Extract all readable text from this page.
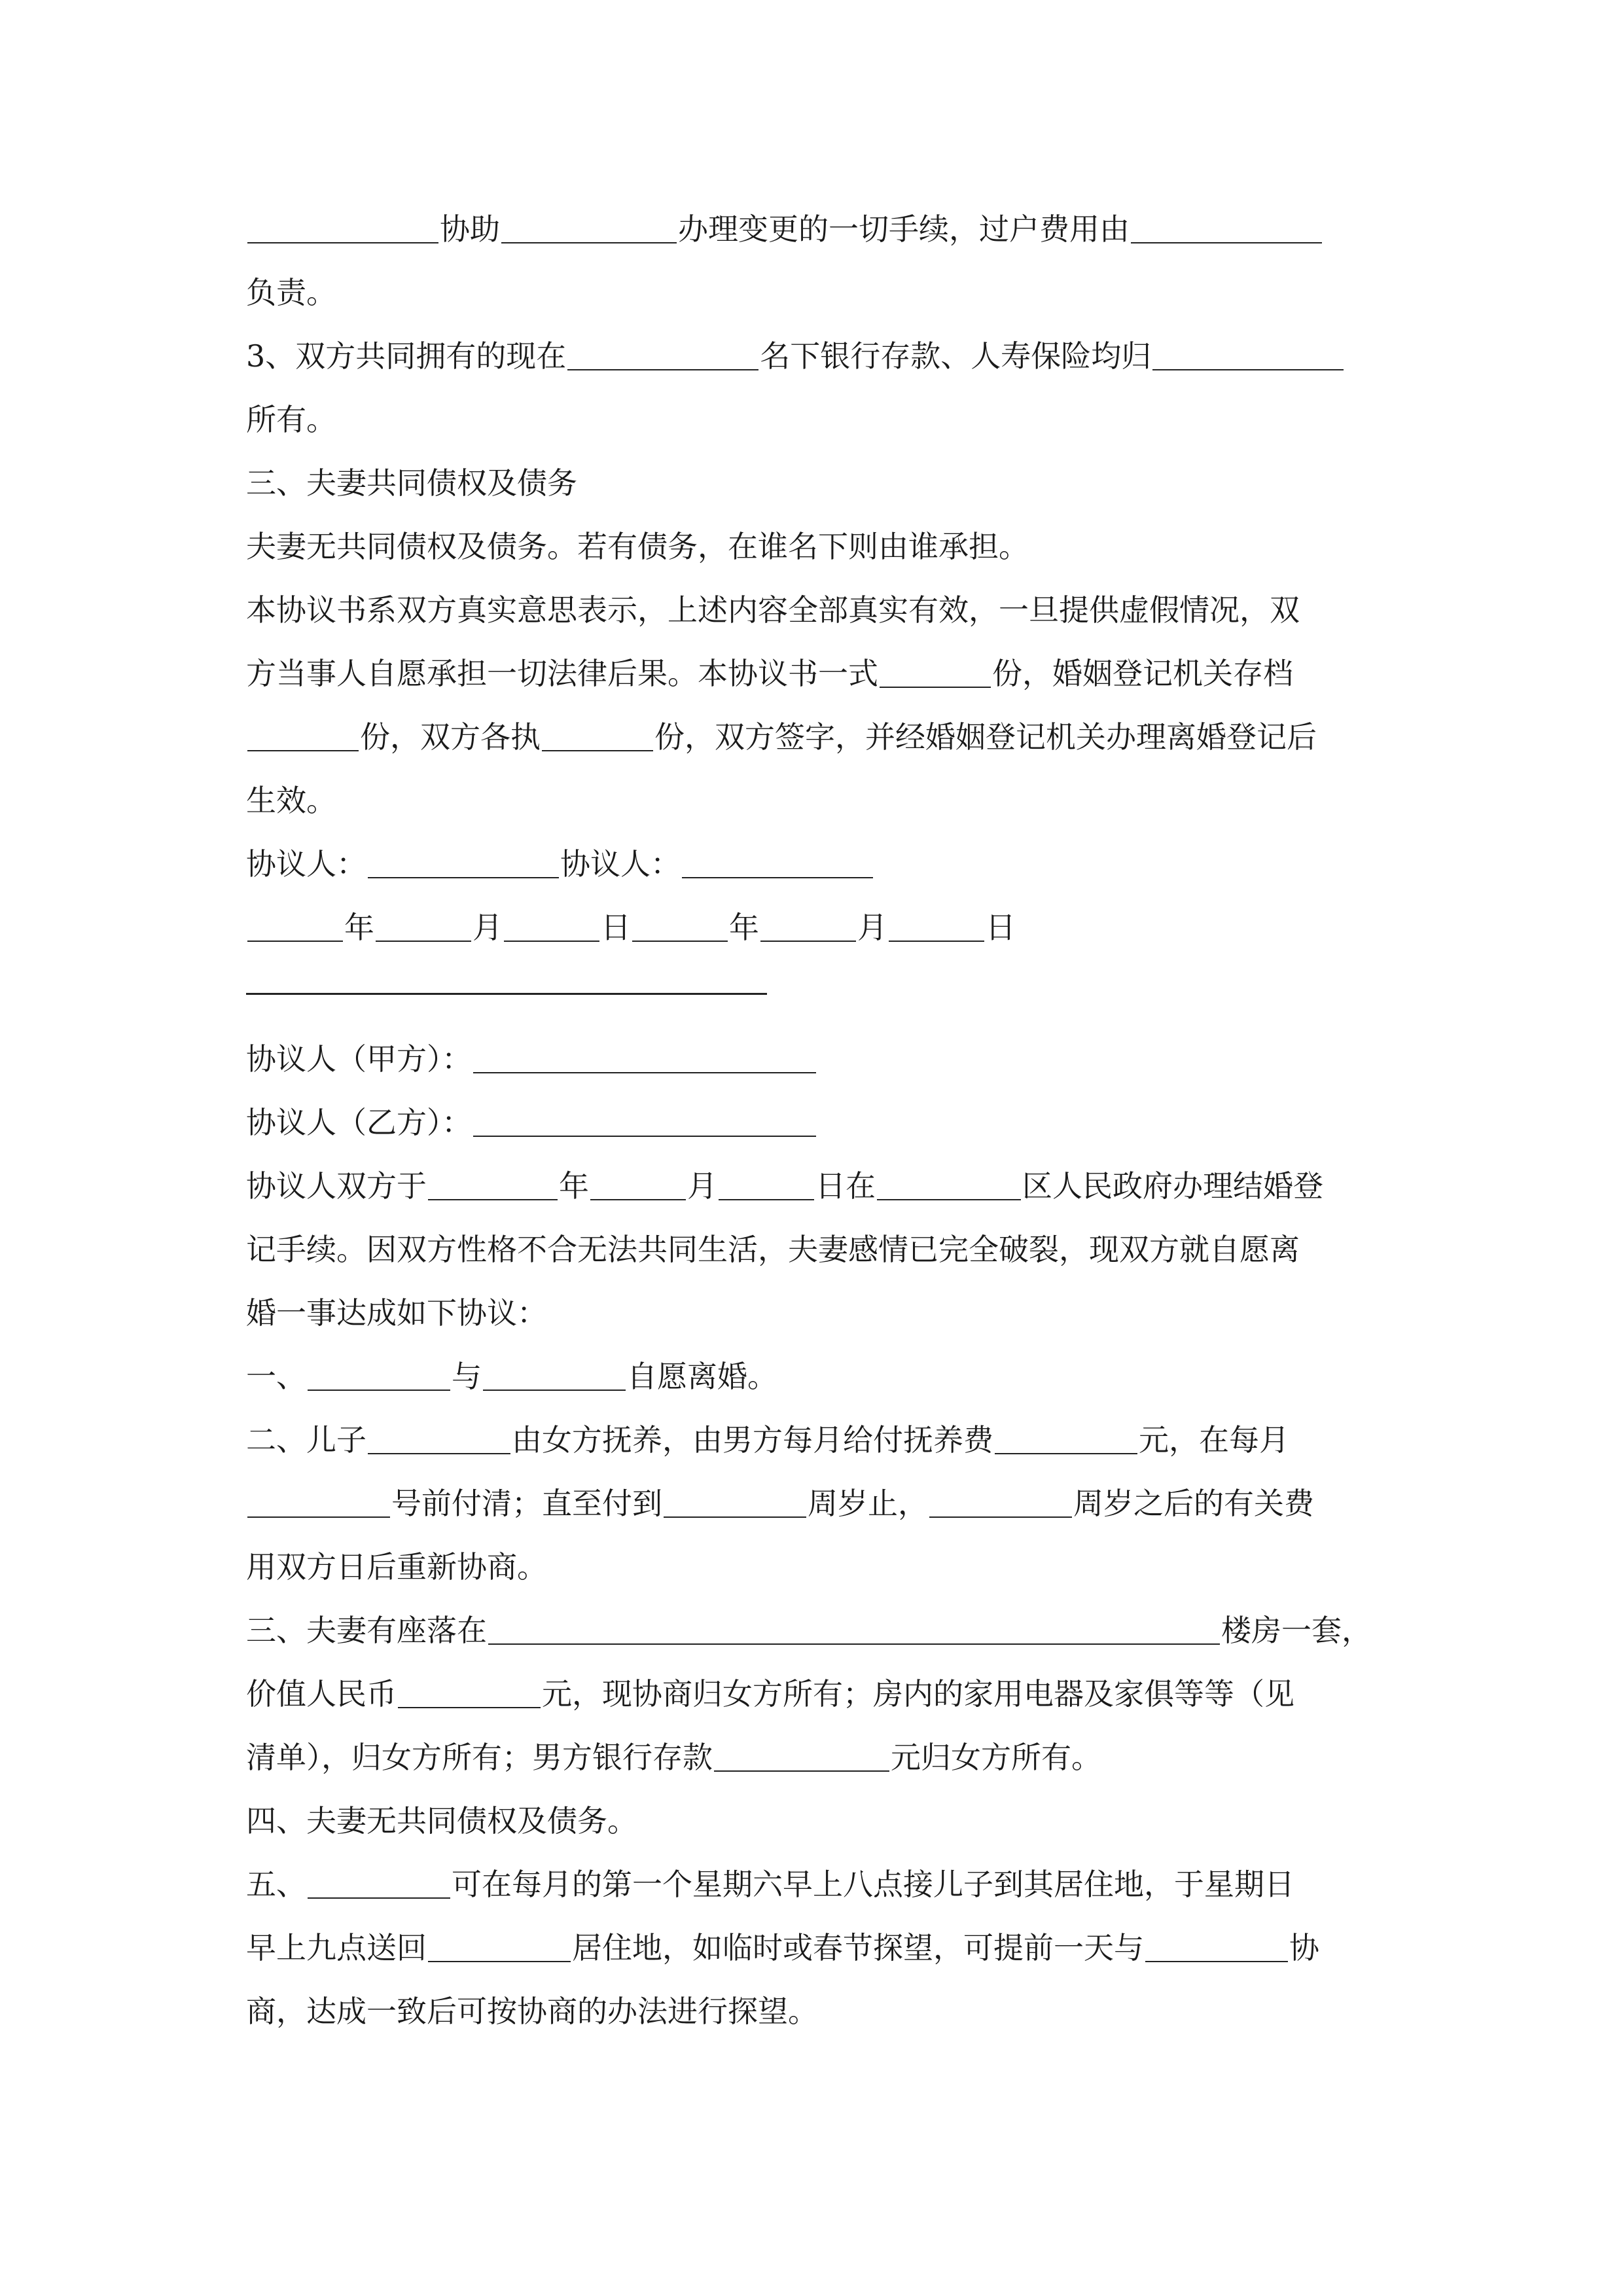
协助	办理变更的一切手续，过户费用由
负责。
3、双方共同拥有的现在	名下银行存款、人寿保险均归
所有。
三、夫妻共同债权及债务
夫妻无共同债权及债务。若有债务，在谁名下则由谁承担。
本协议书系双方真实意思表示，上述内容全部真实有效，一旦提供虚假情况，双
方当事人自愿承担一切法律后果。本协议书一式	份，婚姻登记机关存档
份，双方各执	份，双方签字，并经婚姻登记机关办理离婚登记后
生效。
协议人：	协议人：
年	月	日	年	月	日
协议人（甲方）：
协议人（乙方）：
协议人双方于	年	月	日在	区人民政府办理结婚登
记手续。因双方性格不合无法共同生活，夫妻感情已完全破裂，现双方就自愿离
婚一事达成如下协议：
一、	与	自愿离婚。
二、儿子	由女方抚养，由男方每月给付抚养费	元，在每月
号前付清；直至付到	周岁止，	周岁之后的有关费
用双方日后重新协商。
三、夫妻有座落在	楼房一套，
价值人民币	元，现协商归女方所有；房内的家用电器及家俱等等（见
清单），归女方所有；男方银行存款	元归女方所有。
四、夫妻无共同债权及债务。
五、	可在每月的第一个星期六早上八点接儿子到其居住地，于星期日
早上九点送回	居住地，如临时或春节探望，可提前一天与	协
商，达成一致后可按协商的办法进行探望。
